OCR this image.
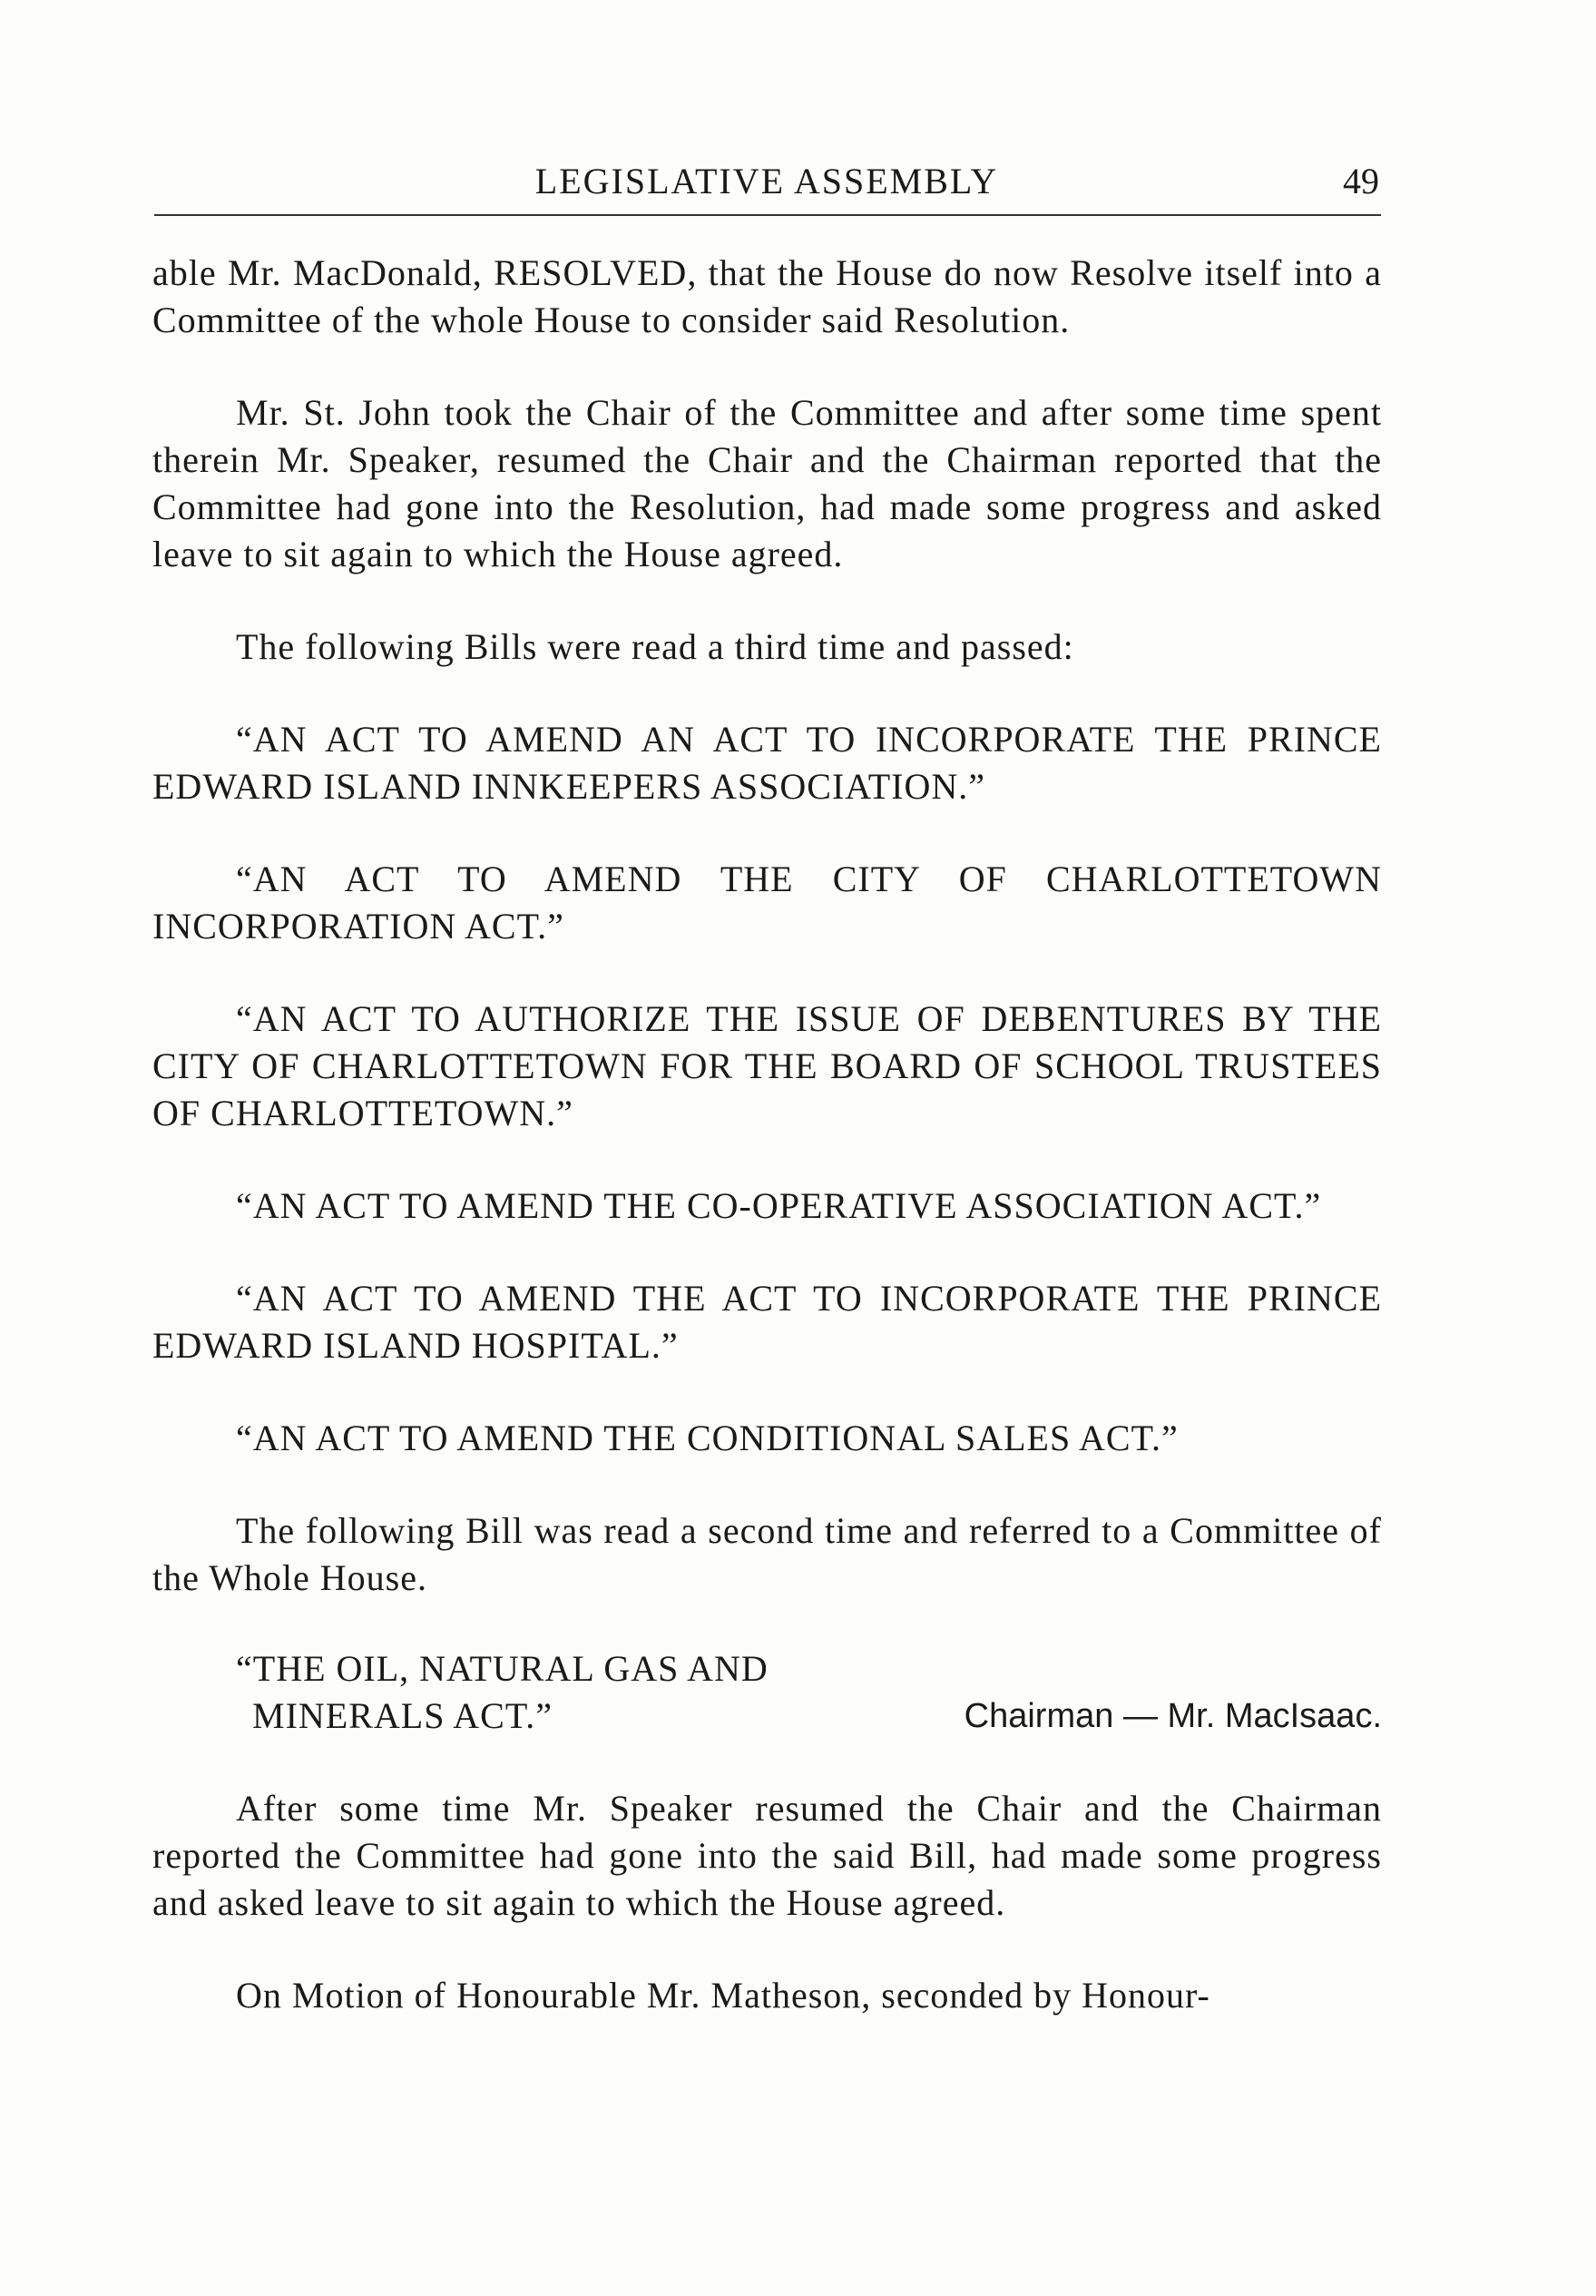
LEGISLATIVE ASSEMBLY	49

able Mr. MacDonald, RESOLVED, that the House do now Resolve itself into a Committee of the whole House to consider said Resolution.

Mr. St. John took the Chair of the Committee and after some time spent therein Mr. Speaker, resumed the Chair and the Chairman reported that the Committee had gone into the Resolution, had made some progress and asked leave to sit again to which the House agreed.

The following Bills were read a third time and passed:

“AN ACT TO AMEND AN ACT TO INCORPORATE THE PRINCE EDWARD ISLAND INNKEEPERS ASSOCIATION.”

“AN ACT TO AMEND THE CITY OF CHARLOTTETOWN INCORPORATION ACT.”

“AN ACT TO AUTHORIZE THE ISSUE OF DEBENTURES BY THE CITY OF CHARLOTTETOWN FOR THE BOARD OF SCHOOL TRUSTEES OF CHARLOTTETOWN.”

“AN ACT TO AMEND THE CO-OPERATIVE ASSOCIATION ACT.”

“AN ACT TO AMEND THE ACT TO INCORPORATE THE PRINCE EDWARD ISLAND HOSPITAL.”

“AN ACT TO AMEND THE CONDITIONAL SALES ACT.”

The following Bill was read a second time and referred to a Committee of the Whole House.

“THE OIL, NATURAL GAS AND
MINERALS ACT.”	Chairman — Mr. MacIsaac.

After some time Mr. Speaker resumed the Chair and the Chairman reported the Committee had gone into the said Bill, had made some progress and asked leave to sit again to which the House agreed.

On Motion of Honourable Mr. Matheson, seconded by Honour-
